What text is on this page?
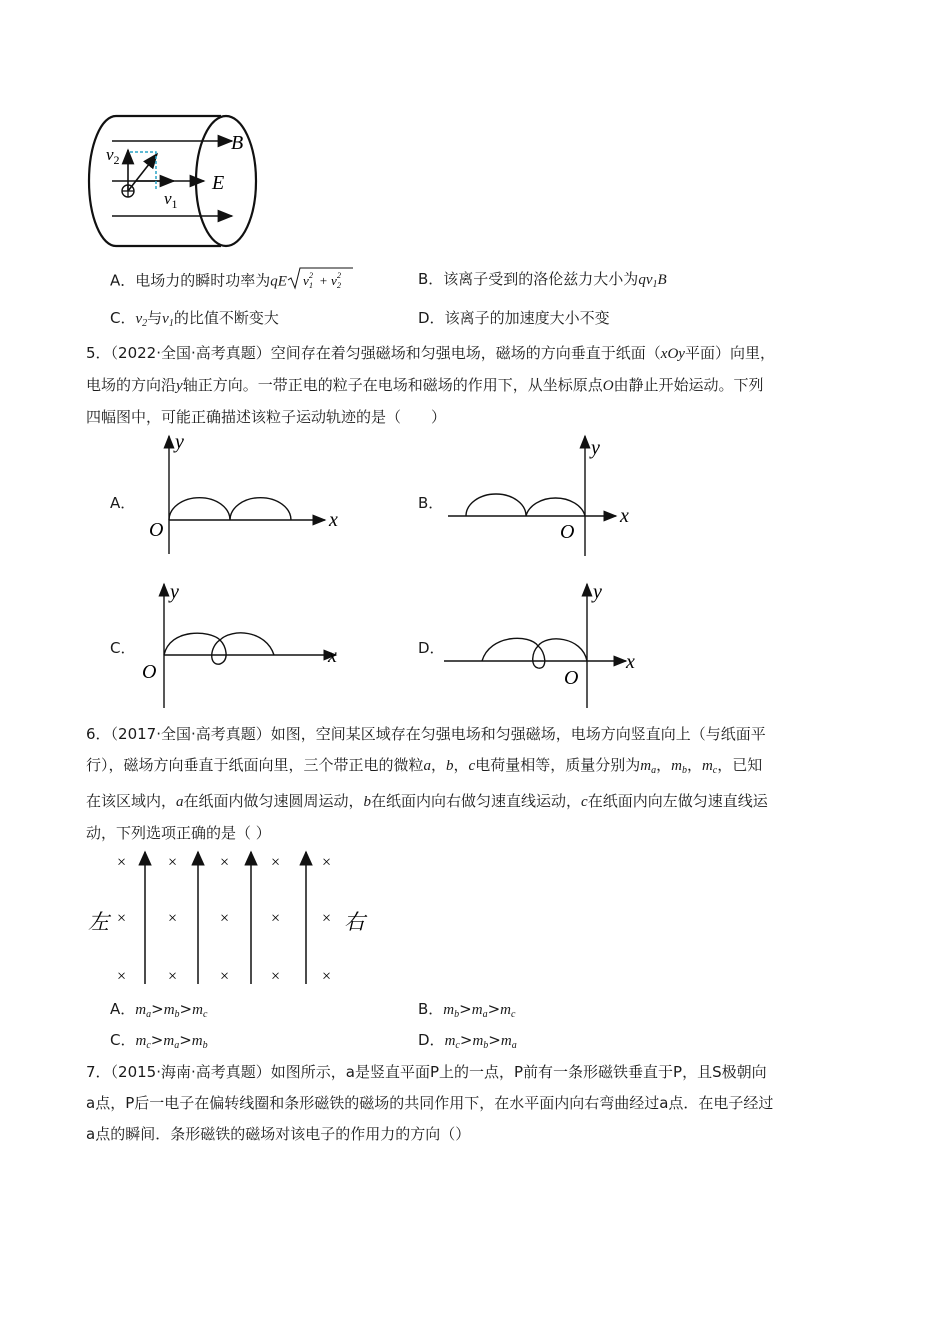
B
E
$v_2$
$v_1$
A．电场力的瞬时功率为qE v 1
2 + v 2
2	B．该离子受到的洛伦兹力大小为$qv_1B$
C．$v_2$与$v_1$的比值不断变大	D．该离子的加速度大小不变
5．（2022·全国·高考真题）空间存在着匀强磁场和匀强电场，磁场的方向垂直于纸面（xOy平面）向里，
电场的方向沿y轴正方向。一带正电的粒子在电场和磁场的作用下，从坐标原点O由静止开始运动。下列
四幅图中，可能正确描述该粒子运动轨迹的是（　　）
A．	B．
C．	D．
y
x
O
y
x
O
y
x
O
y
x
O
6．（2017·全国·高考真题）如图，空间某区域存在匀强电场和匀强磁场，电场方向竖直向上（与纸面平
行），磁场方向垂直于纸面向里，三个带正电的微粒a，b，c电荷量相等，质量分别为$m_a$，$m_b$，$m_c$，已知
在该区域内，a在纸面内做匀速圆周运动，b在纸面内向右做匀速直线运动，c在纸面内向左做匀速直线运
动，下列选项正确的是（ ）
×	×	×	×	×
×	×	×	×	×
×	×	×	×	×
左	右
A．$m_a>m_b>m_c$	B．$m_b>m_a>m_c$
C．$m_c>m_a>m_b$	D．$m_c>m_b>m_a$
7．（2015·海南·高考真题）如图所示，a是竖直平面P上的一点，P前有一条形磁铁垂直于P，且S极朝向
a点，P后一电子在偏转线圈和条形磁铁的磁场的共同作用下，在水平面内向右弯曲经过a点．在电子经过
a点的瞬间．条形磁铁的磁场对该电子的作用力的方向（）
